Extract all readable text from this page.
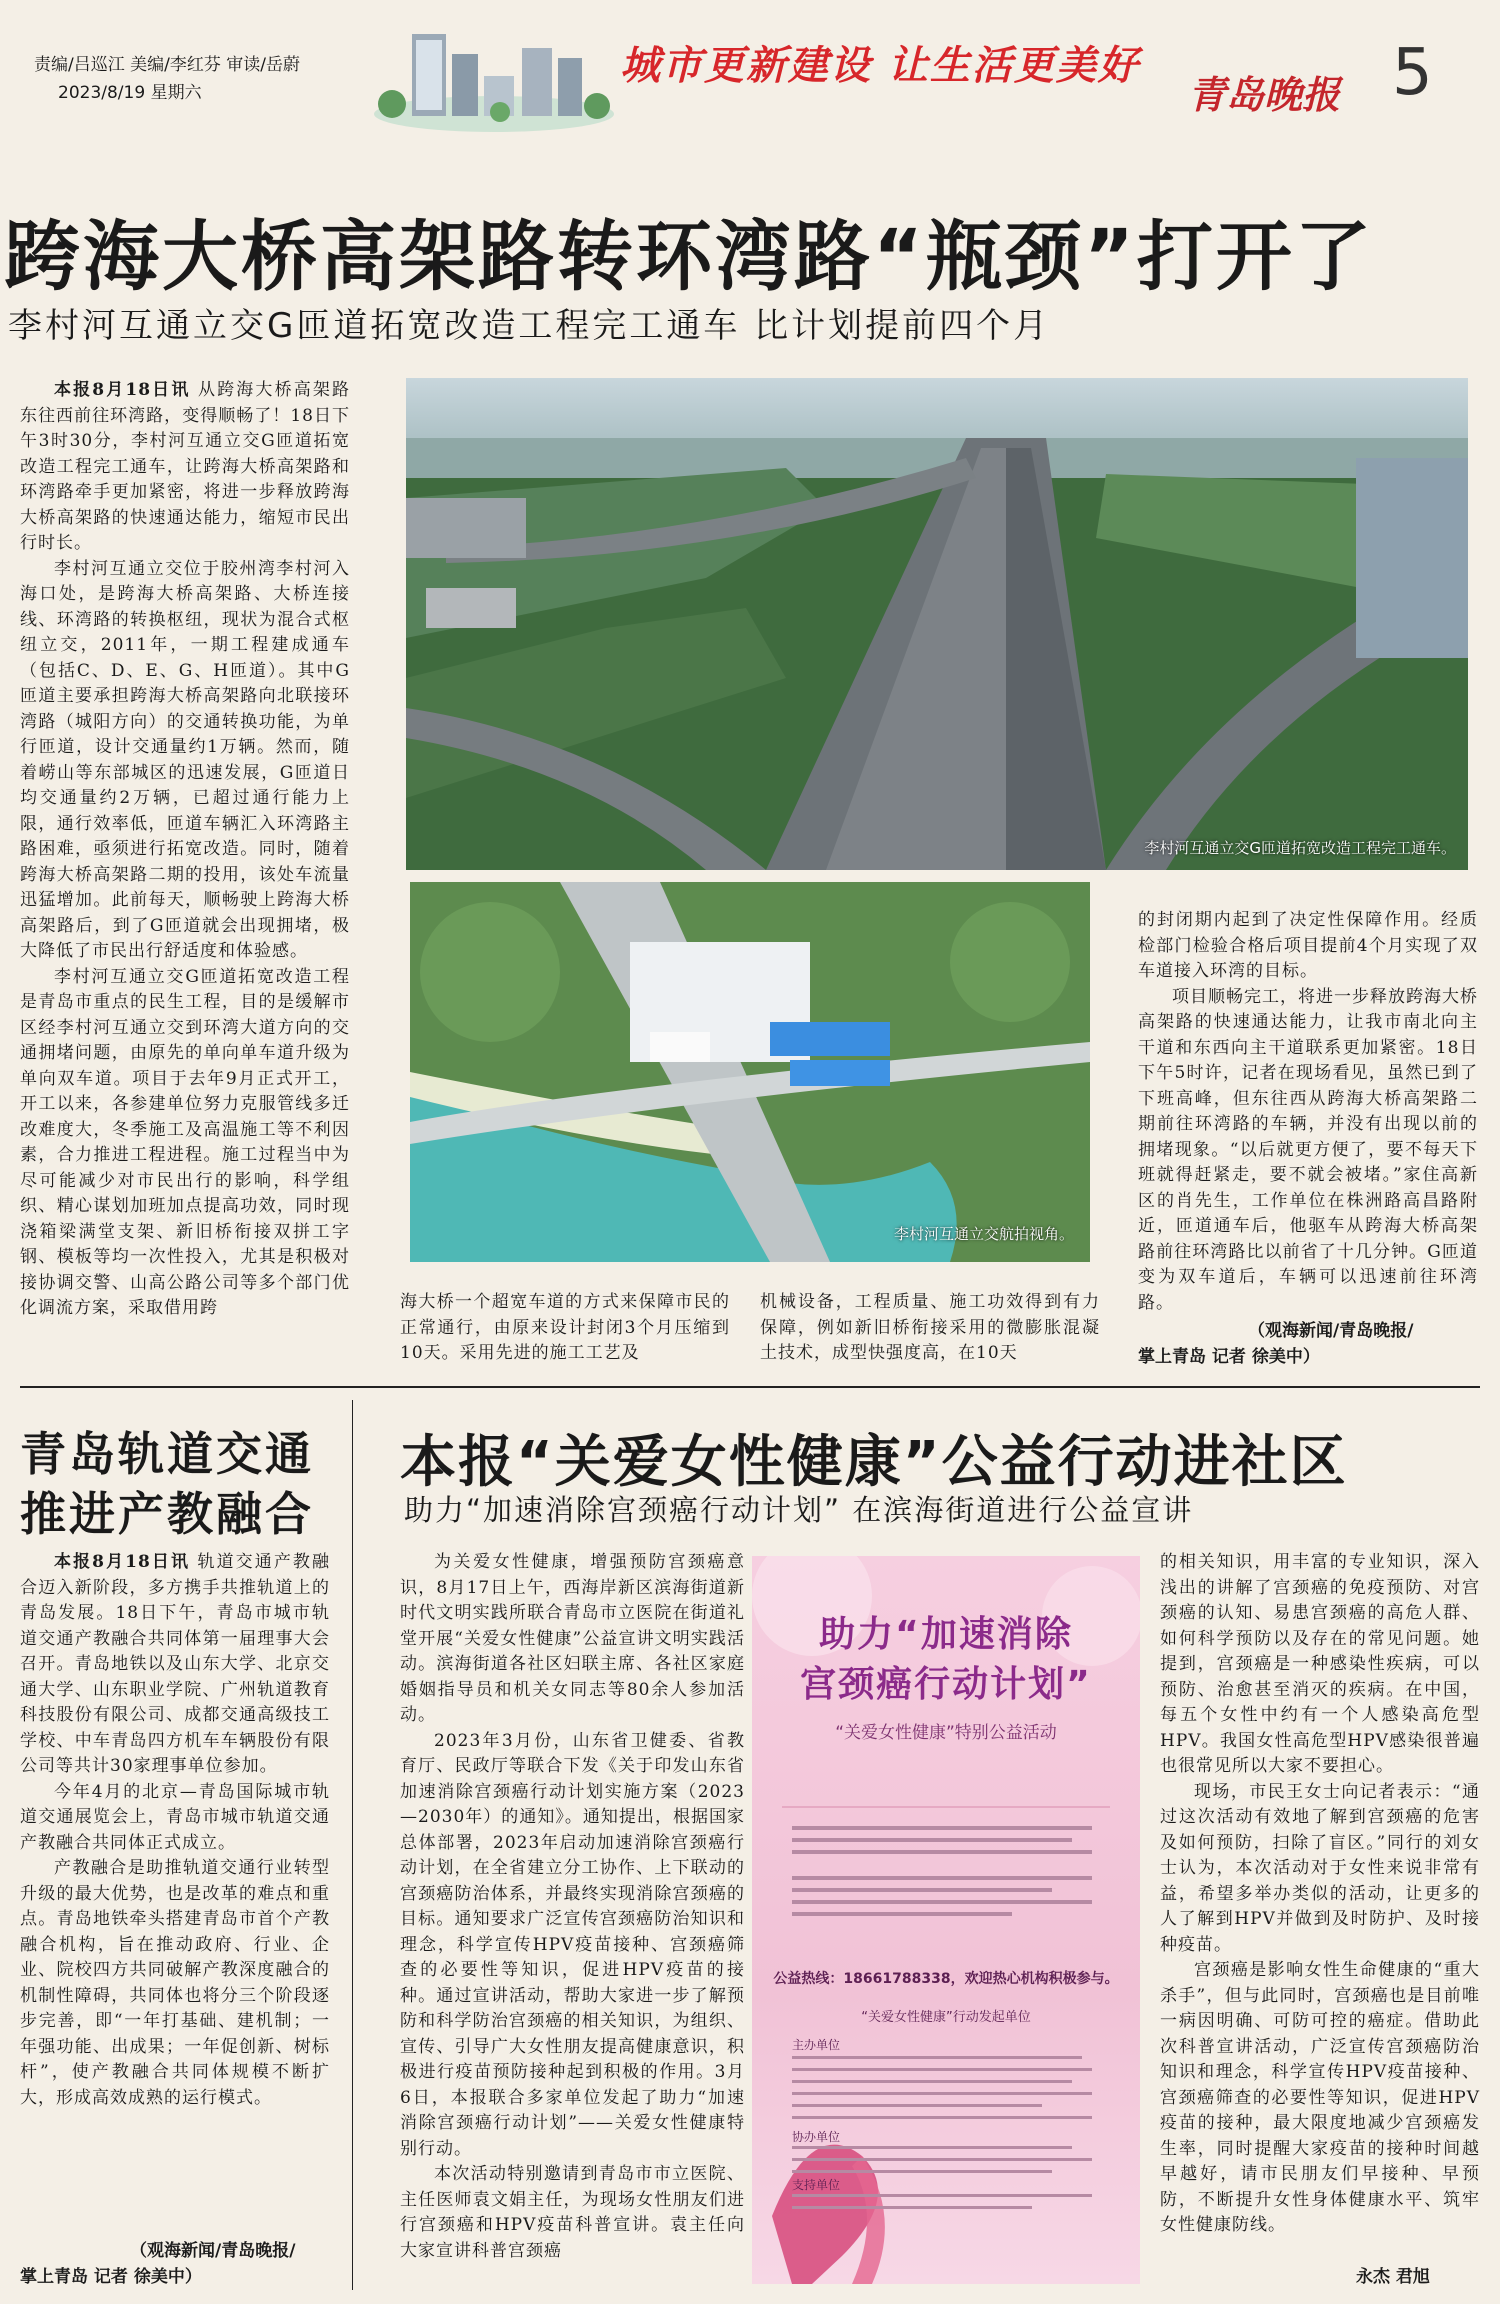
责编/吕巡江 美编/李红芬 审读/岳蔚
2023/8/19 星期六
城市更新建设 让生活更美好
青岛晚报 5
跨海大桥高架路转环湾路“瓶颈”打开了
李村河互通立交G匝道拓宽改造工程完工通车 比计划提前四个月

本报8月18日讯 从跨海大桥高架路东往西前往环湾路，变得顺畅了！18日下午3时30分，李村河互通立交G匝道拓宽改造工程完工通车，让跨海大桥高架路和环湾路牵手更加紧密，将进一步释放跨海大桥高架路的快速通达能力，缩短市民出行时长。

李村河互通立交位于胶州湾李村河入海口处，是跨海大桥高架路、大桥连接线、环湾路的转换枢纽，现状为混合式枢纽立交，2011年，一期工程建成通车（包括C、D、E、G、H匝道）。其中G匝道主要承担跨海大桥高架路向北联接环湾路（城阳方向）的交通转换功能，为单行匝道，设计交通量约1万辆。然而，随着崂山等东部城区的迅速发展，G匝道日均交通量约2万辆，已超过通行能力上限，通行效率低，匝道车辆汇入环湾路主路困难，亟须进行拓宽改造。同时，随着跨海大桥高架路二期的投用，该处车流量迅猛增加。此前每天，顺畅驶上跨海大桥高架路后，到了G匝道就会出现拥堵，极大降低了市民出行舒适度和体验感。

李村河互通立交G匝道拓宽改造工程是青岛市重点的民生工程，目的是缓解市区经李村河互通立交到环湾大道方向的交通拥堵问题，由原先的单向单车道升级为单向双车道。项目于去年9月正式开工，开工以来，各参建单位努力克服管线多迁改难度大，冬季施工及高温施工等不利因素，合力推进工程进程。施工过程当中为尽可能减少对市民出行的影响，科学组织、精心谋划加班加点提高功效，同时现浇箱梁满堂支架、新旧桥衔接双拼工字钢、模板等均一次性投入，尤其是积极对接协调交警、山高公路公司等多个部门优化调流方案，采取借用跨

李村河互通立交G匝道拓宽改造工程完工通车。
李村河互通立交航拍视角。

海大桥一个超宽车道的方式来保障市民的正常通行，由原来设计封闭3个月压缩到10天。采用先进的施工工艺及

机械设备，工程质量、施工功效得到有力保障，例如新旧桥衔接采用的微膨胀混凝土技术，成型快强度高，在10天

的封闭期内起到了决定性保障作用。经质检部门检验合格后项目提前4个月实现了双车道接入环湾的目标。

项目顺畅完工，将进一步释放跨海大桥高架路的快速通达能力，让我市南北向主干道和东西向主干道联系更加紧密。18日下午5时许，记者在现场看见，虽然已到了下班高峰，但东往西从跨海大桥高架路二期前往环湾路的车辆，并没有出现以前的拥堵现象。“以后就更方便了，要不每天下班就得赶紧走，要不就会被堵。”家住高新区的肖先生，工作单位在株洲路高昌路附近，匝道通车后，他驱车从跨海大桥高架路前往环湾路比以前省了十几分钟。G匝道变为双车道后，车辆可以迅速前往环湾路。

（观海新闻/青岛晚报/
掌上青岛 记者 徐美中）
青岛轨道交通
推进产教融合

本报8月18日讯 轨道交通产教融合迈入新阶段，多方携手共推轨道上的青岛发展。18日下午，青岛市城市轨道交通产教融合共同体第一届理事大会召开。青岛地铁以及山东大学、北京交通大学、山东职业学院、广州轨道教育科技股份有限公司、成都交通高级技工学校、中车青岛四方机车车辆股份有限公司等共计30家理事单位参加。

今年4月的北京—青岛国际城市轨道交通展览会上，青岛市城市轨道交通产教融合共同体正式成立。

产教融合是助推轨道交通行业转型升级的最大优势，也是改革的难点和重点。青岛地铁牵头搭建青岛市首个产教融合机构，旨在推动政府、行业、企业、院校四方共同破解产教深度融合的机制性障碍，共同体也将分三个阶段逐步完善，即“一年打基础、建机制；一年强功能、出成果；一年促创新、树标杆”，使产教融合共同体规模不断扩大，形成高效成熟的运行模式。

（观海新闻/青岛晚报/
掌上青岛 记者 徐美中）
本报“关爱女性健康”公益行动进社区
助力“加速消除宫颈癌行动计划” 在滨海街道进行公益宣讲

为关爱女性健康，增强预防宫颈癌意识，8月17日上午，西海岸新区滨海街道新时代文明实践所联合青岛市立医院在街道礼堂开展“关爱女性健康”公益宣讲文明实践活动。滨海街道各社区妇联主席、各社区家庭婚姻指导员和机关女同志等80余人参加活动。

2023年3月份，山东省卫健委、省教育厅、民政厅等联合下发《关于印发山东省加速消除宫颈癌行动计划实施方案（2023—2030年）的通知》。通知提出，根据国家总体部署，2023年启动加速消除宫颈癌行动计划，在全省建立分工协作、上下联动的宫颈癌防治体系，并最终实现消除宫颈癌的目标。通知要求广泛宣传宫颈癌防治知识和理念，科学宣传HPV疫苗接种、宫颈癌筛查的必要性等知识，促进HPV疫苗的接种。通过宣讲活动，帮助大家进一步了解预防和科学防治宫颈癌的相关知识，为组织、宣传、引导广大女性朋友提高健康意识，积极进行疫苗预防接种起到积极的作用。3月6日，本报联合多家单位发起了助力“加速消除宫颈癌行动计划”——关爱女性健康特别行动。

本次活动特别邀请到青岛市市立医院、主任医师袁文娟主任，为现场女性朋友们进行宫颈癌和HPV疫苗科普宣讲。袁主任向大家宣讲科普宫颈癌

助力“加速消除
宫颈癌行动计划”
“关爱女性健康”特别公益活动
公益热线：18661788338，欢迎热心机构积极参与。
“关爱女性健康”行动发起单位
主办单位
协办单位
支持单位

的相关知识，用丰富的专业知识，深入浅出的讲解了宫颈癌的免疫预防、对宫颈癌的认知、易患宫颈癌的高危人群、如何科学预防以及存在的常见问题。她提到，宫颈癌是一种感染性疾病，可以预防、治愈甚至消灭的疾病。在中国，每五个女性中约有一个人感染高危型HPV。我国女性高危型HPV感染很普遍也很常见所以大家不要担心。

现场，市民王女士向记者表示：“通过这次活动有效地了解到宫颈癌的危害及如何预防，扫除了盲区。”同行的刘女士认为，本次活动对于女性来说非常有益，希望多举办类似的活动，让更多的人了解到HPV并做到及时防护、及时接种疫苗。

宫颈癌是影响女性生命健康的“重大杀手”，但与此同时，宫颈癌也是目前唯一病因明确、可防可控的癌症。借助此次科普宣讲活动，广泛宣传宫颈癌防治知识和理念，科学宣传HPV疫苗接种、宫颈癌筛查的必要性等知识，促进HPV疫苗的接种，最大限度地减少宫颈癌发生率，同时提醒大家疫苗的接种时间越早越好，请市民朋友们早接种、早预防，不断提升女性身体健康水平、筑牢女性健康防线。

永杰 君旭
